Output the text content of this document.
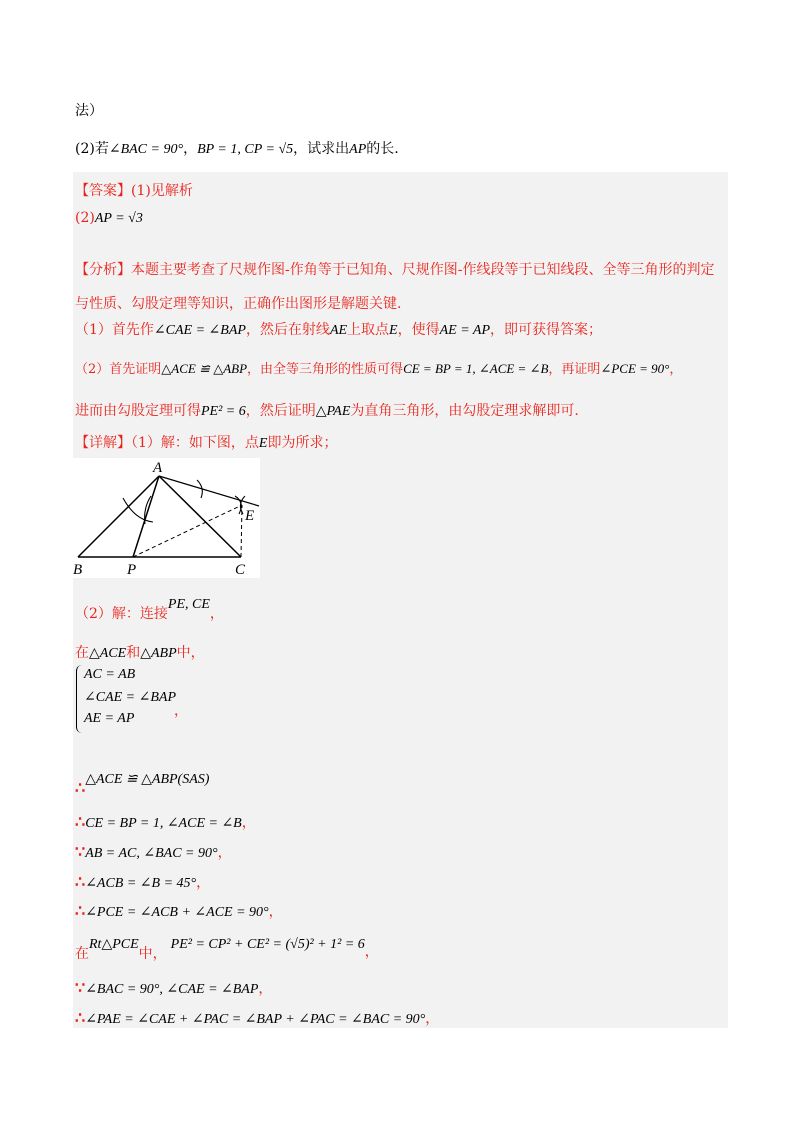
法）
(2)若∠BAC = 90°，BP = 1, CP = √5，试求出AP的长.
【答案】(1)见解析
(2)AP = √3
【分析】本题主要考查了尺规作图-作角等于已知角、尺规作图-作线段等于已知线段、全等三角形的判定
与性质、勾股定理等知识，正确作出图形是解题关键.
（1）首先作∠CAE = ∠BAP，然后在射线AE上取点E，使得AE = AP，即可获得答案；
（2）首先证明△ACE ≌ △ABP，由全等三角形的性质可得CE = BP = 1, ∠ACE = ∠B，再证明∠PCE = 90°，
进而由勾股定理可得PE² = 6，然后证明△PAE为直角三角形，由勾股定理求解即可.
【详解】（1）解：如下图，点E即为所求；
A
B	P	C
E
（2）解：连接PE, CE，
在△ACE和△ABP中，
AC = AB
∠CAE = ∠BAP
AE = AP	，
∴△ACE ≌ △ABP(SAS)
∴CE = BP = 1, ∠ACE = ∠B，
∵AB = AC, ∠BAC = 90°，
∴∠ACB = ∠B = 45°，
∴∠PCE = ∠ACB + ∠ACE = 90°，
在Rt△PCE中，PE² = CP² + CE² = (√5)² + 1² = 6，
∵∠BAC = 90°, ∠CAE = ∠BAP，
∴∠PAE = ∠CAE + ∠PAC = ∠BAP + ∠PAC = ∠BAC = 90°，
